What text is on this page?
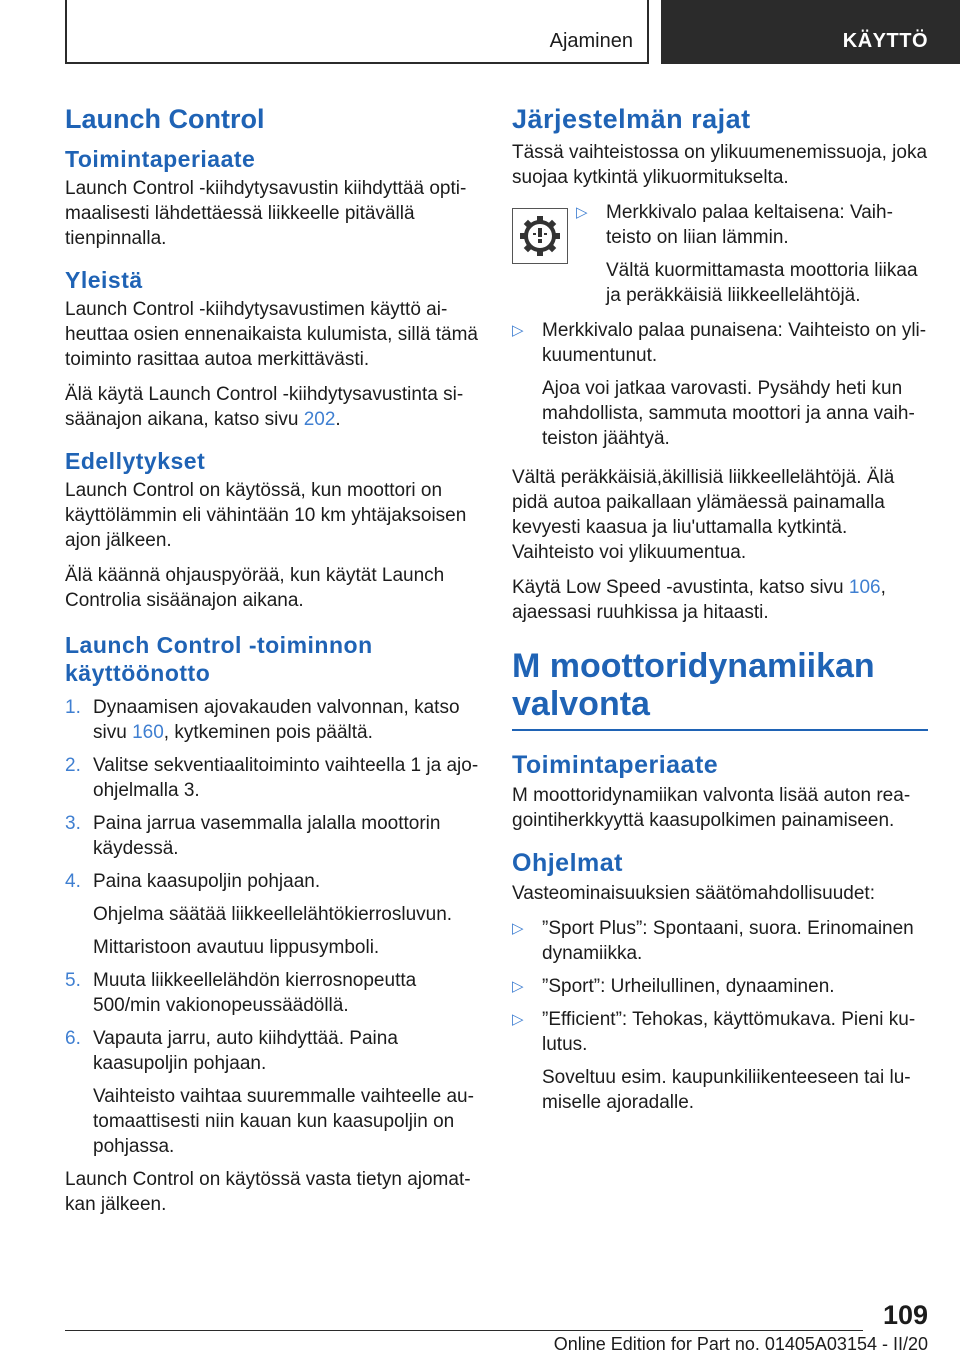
Ajaminen	KÄYTTÖ
Launch Control
Toimintaperiaate

Launch Control -kiihdytysavustin kiihdyttää optimaalisesti lähdettäessä liikkeelle pitävällä tienpinnalla.

Yleistä

Launch Control -kiihdytysavustimen käyttö aiheuttaa osien ennenaikaista kulumista, sillä tämä toiminto rasittaa autoa merkittävästi.

Älä käytä Launch Control -kiihdytysavustinta sisäänajon aikana, katso sivu 202.

Edellytykset

Launch Control on käytössä, kun moottori on käyttölämmin eli vähintään 10 km yhtäjaksoisen ajon jälkeen.

Älä käännä ohjauspyörää, kun käytät Launch Controlia sisäänajon aikana.

Launch Control -toiminnon käyttöönotto
1. Dynaamisen ajovakauden valvonnan, katso sivu 160, kytkeminen pois päältä.
2. Valitse sekventiaalitoiminto vaihteella 1 ja ajoohjelmalla 3.
3. Paina jarrua vasemmalla jalalla moottorin käydessä.
4. Paina kaasupoljin pohjaan.
Ohjelma säätää liikkeellelähtökierrosluvun.
Mittaristoon avautuu lippusymboli.
5. Muuta liikkeellelähdön kierrosnopeutta 500/min vakionopeussäädöllä.
6. Vapauta jarru, auto kiihdyttää. Paina kaasupoljin pohjaan.
Vaihteisto vaihtaa suuremmalle vaihteelle automaattisesti niin kauan kun kaasupoljin on pohjassa.

Launch Control on käytössä vasta tietyn ajomatkan jälkeen.

Järjestelmän rajat

Tässä vaihteistossa on ylikuumenemissuoja, joka suojaa kytkintä ylikuormitukselta.

▷ Merkkivalo palaa keltaisena: Vaihteisto on liian lämmin.
Vältä kuormittamasta moottoria liikaa ja peräkkäisiä liikkeellelähtöjä.
▷ Merkkivalo palaa punaisena: Vaihteisto on ylikuumentunut.
Ajoa voi jatkaa varovasti. Pysähdy heti kun mahdollista, sammuta moottori ja anna vaihteiston jäähtyä.

Vältä peräkkäisiä,äkillisiä liikkeellelähtöjä. Älä pidä autoa paikallaan ylämäessä painamalla kevyesti kaasua ja liu'uttamalla kytkintä. Vaihteisto voi ylikuumentua.

Käytä Low Speed -avustinta, katso sivu 106, ajaessasi ruuhkissa ja hitaasti.

M moottoridynamiikan valvonta
Toimintaperiaate

M moottoridynamiikan valvonta lisää auton reagointiherkkyyttä kaasupolkimen painamiseen.

Ohjelmat

Vasteominaisuuksien säätömahdollisuudet:

▷ ”Sport Plus”: Spontaani, suora. Erinomainen dynamiikka.
▷ ”Sport”: Urheilullinen, dynaaminen.
▷ ”Efficient”: Tehokas, käyttömukava. Pieni kulutus.
Soveltuu esim. kaupunkiliikenteeseen tai lumiselle ajoradalle.
109
Online Edition for Part no. 01405A03154 - II/20
